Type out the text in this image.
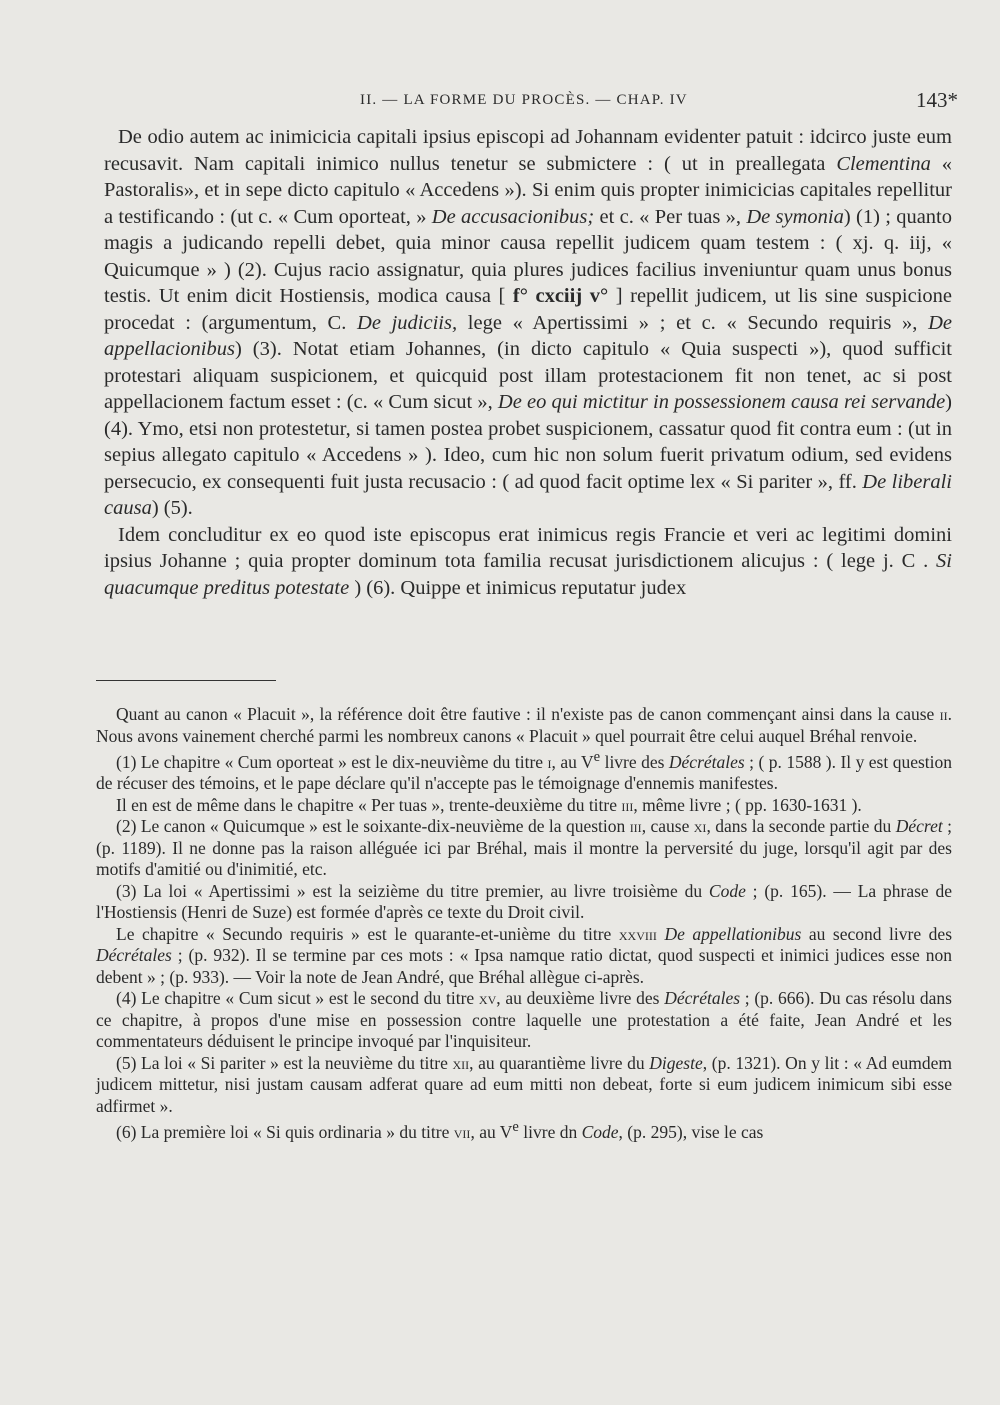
II. — LA FORME DU PROCÈS. — CHAP. IV	143*

De odio autem ac inimicicia capitali ipsius episcopi ad Johannam evidenter patuit : idcirco juste eum recusavit. Nam capitali inimico nullus tenetur se submictere : ( ut in preallegata Clementina « Pastoralis», et in sepe dicto capitulo « Accedens »). Si enim quis propter inimicicias capitales repellitur a testificando : (ut c. « Cum oporteat, » De accusacionibus; et c. « Per tuas », De symonia) (1) ; quanto magis a judicando repelli debet, quia minor causa repellit judicem quam testem : ( xj. q. iij, « Quicumque » ) (2). Cujus racio assignatur, quia plures judices facilius inveniuntur quam unus bonus testis. Ut enim dicit Hostiensis, modica causa [ f° cxciij v° ] repellit judicem, ut lis sine suspicione procedat : (argumentum, C. De judiciis, lege « Apertissimi » ; et c. « Secundo requiris », De appellacionibus) (3). Notat etiam Johannes, (in dicto capitulo « Quia suspecti »), quod sufficit protestari aliquam suspicionem, et quicquid post illam protestacionem fit non tenet, ac si post appellacionem factum esset : (c. « Cum sicut », De eo qui mictitur in possessionem causa rei servande) (4). Ymo, etsi non protestetur, si tamen postea probet suspicionem, cassatur quod fit contra eum : (ut in sepius allegato capitulo « Accedens » ). Ideo, cum hic non solum fuerit privatum odium, sed evidens persecucio, ex consequenti fuit justa recusacio : ( ad quod facit optime lex « Si pariter », ff. De liberali causa) (5).

Idem concluditur ex eo quod iste episcopus erat inimicus regis Francie et veri ac legitimi domini ipsius Johanne ; quia propter dominum tota familia recusat jurisdictionem alicujus : ( lege j. C . Si quacumque preditus potestate ) (6). Quippe et inimicus reputatur judex

Quant au canon « Placuit », la référence doit être fautive : il n'existe pas de canon commençant ainsi dans la cause ii. Nous avons vainement cherché parmi les nombreux canons « Placuit » quel pourrait être celui auquel Bréhal renvoie.

(1) Le chapitre « Cum oporteat » est le dix-neuvième du titre i, au Ve livre des Décrétales ; ( p. 1588 ). Il y est question de récuser des témoins, et le pape déclare qu'il n'accepte pas le témoignage d'ennemis manifestes.

Il en est de même dans le chapitre « Per tuas », trente-deuxième du titre iii, même livre ; ( pp. 1630-1631 ).

(2) Le canon « Quicumque » est le soixante-dix-neuvième de la question iii, cause xi, dans la seconde partie du Décret ; (p. 1189). Il ne donne pas la raison alléguée ici par Bréhal, mais il montre la perversité du juge, lorsqu'il agit par des motifs d'amitié ou d'inimitié, etc.

(3) La loi « Apertissimi » est la seizième du titre premier, au livre troisième du Code ; (p. 165). — La phrase de l'Hostiensis (Henri de Suze) est formée d'après ce texte du Droit civil.

Le chapitre « Secundo requiris » est le quarante-et-unième du titre xxviii De appellationibus au second livre des Décrétales ; (p. 932). Il se termine par ces mots : « Ipsa namque ratio dictat, quod suspecti et inimici judices esse non debent » ; (p. 933). — Voir la note de Jean André, que Bréhal allègue ci-après.

(4) Le chapitre « Cum sicut » est le second du titre xv, au deuxième livre des Décrétales ; (p. 666). Du cas résolu dans ce chapitre, à propos d'une mise en possession contre laquelle une protestation a été faite, Jean André et les commentateurs déduisent le principe invoqué par l'inquisiteur.

(5) La loi « Si pariter » est la neuvième du titre xii, au quarantième livre du Digeste, (p. 1321). On y lit : « Ad eumdem judicem mittetur, nisi justam causam adferat quare ad eum mitti non debeat, forte si eum judicem inimicum sibi esse adfirmet ».

(6) La première loi « Si quis ordinaria » du titre vii, au Ve livre dn Code, (p. 295), vise le cas
